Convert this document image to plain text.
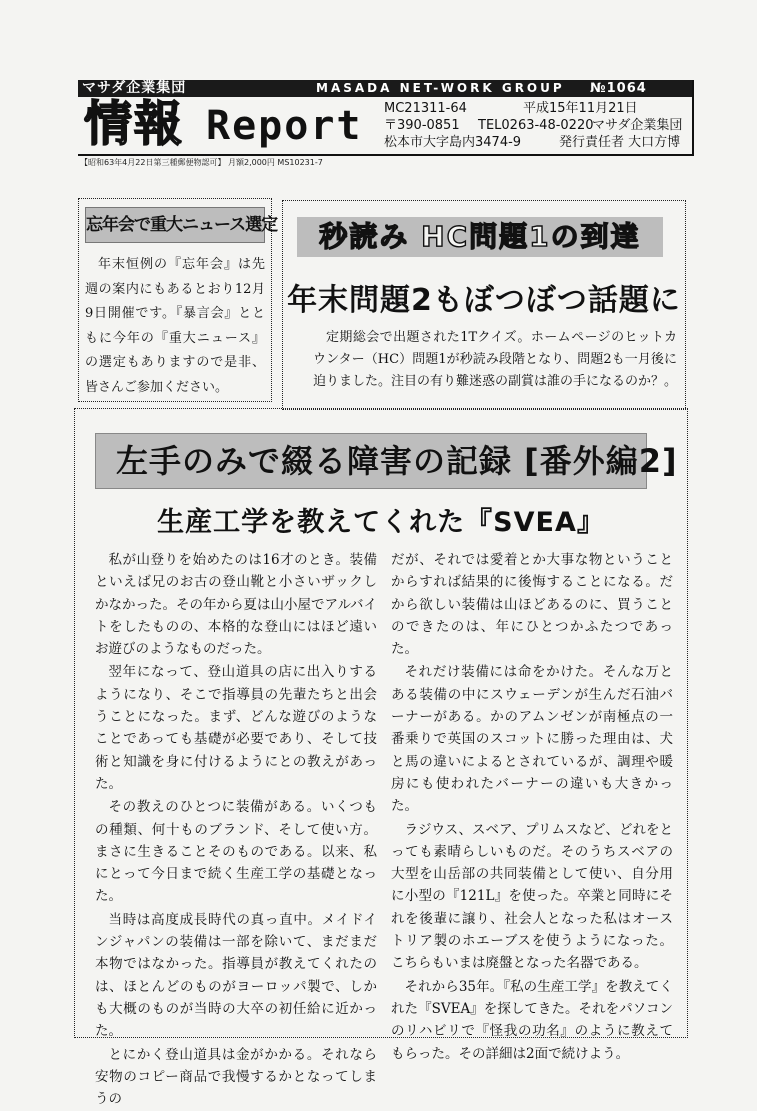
マサダ企業集団	MASADA NET-WORK GROUP №1064
情報 Report MC21311-64	平成15年11月21日
〒390-0851 TEL0263-48-0220
マサダ企業集団
松本市大字島内3474-9	発行責任者 大口方博
【昭和63年4月22日第三種郵便物認可】 月額2,000円 MS10231-7
忘年会で重大ニュース選定

年末恒例の『忘年会』は先週の案内にもあるとおり12月9日開催です。『暴言会』とともに今年の『重大ニュース』の選定もありますので是非、皆さんご参加ください。

秒読み HC問題1の到達
年末問題2もぼつぼつ話題に

定期総会で出題された1Tクイズ。ホームページのヒットカウンター（HC）問題1が秒読み段階となり、問題2も一月後に迫りました。注目の有り難迷惑の副賞は誰の手になるのか？。

左手のみで綴る障害の記録 [番外編2]
生産工学を教えてくれた『SVEA』

私が山登りを始めたのは16才のとき。装備といえば兄のお古の登山靴と小さいザックしかなかった。その年から夏は山小屋でアルバイトをしたものの、本格的な登山にはほど遠いお遊びのようなものだった。

翌年になって、登山道具の店に出入りするようになり、そこで指導員の先輩たちと出会うことになった。まず、どんな遊びのようなことであっても基礎が必要であり、そして技術と知識を身に付けるようにとの教えがあった。

その教えのひとつに装備がある。いくつもの種類、何十ものブランド、そして使い方。まさに生きることそのものである。以来、私にとって今日まで続く生産工学の基礎となった。

当時は高度成長時代の真っ直中。メイドインジャパンの装備は一部を除いて、まだまだ本物ではなかった。指導員が教えてくれたのは、ほとんどのものがヨーロッパ製で、しかも大概のものが当時の大卒の初任給に近かった。

とにかく登山道具は金がかかる。それなら安物のコピー商品で我慢するかとなってしまうの

だが、それでは愛着とか大事な物ということからすれば結果的に後悔することになる。だから欲しい装備は山ほどあるのに、買うことのできたのは、年にひとつかふたつであった。

それだけ装備には命をかけた。そんな万とある装備の中にスウェーデンが生んだ石油バーナーがある。かのアムンゼンが南極点の一番乗りで英国のスコットに勝った理由は、犬と馬の違いによるとされているが、調理や暖房にも使われたバーナーの違いも大きかった。

ラジウス、スベア、プリムスなど、どれをとっても素晴らしいものだ。そのうちスベアの大型を山岳部の共同装備として使い、自分用に小型の『121L』を使った。卒業と同時にそれを後輩に譲り、社会人となった私はオーストリア製のホエーブスを使うようになった。こちらもいまは廃盤となった名器である。

それから35年。『私の生産工学』を教えてくれた『SVEA』を探してきた。それをパソコンのリハビリで『怪我の功名』のように教えてもらった。その詳細は2面で続けよう。
